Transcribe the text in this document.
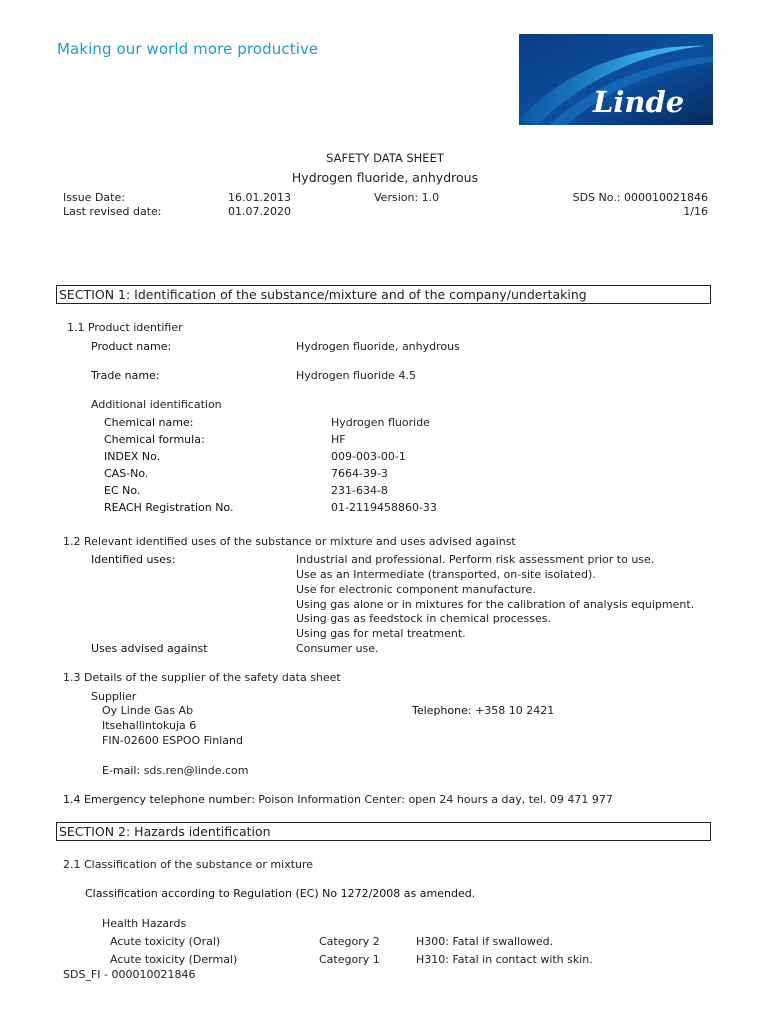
Making our world more productive
Linde
SAFETY DATA SHEET
Hydrogen fluoride, anhydrous
Issue Date:	16.01.2013	Version: 1.0	SDS No.: 000010021846
Last revised date:	01.07.2020	1/16
SECTION 1: Identification of the substance/mixture and of the company/undertaking
1.1 Product identifier
Product name:	Hydrogen fluoride, anhydrous
Trade name:	Hydrogen fluoride 4.5
Additional identification
Chemical name:	Hydrogen fluoride
Chemical formula:	HF
INDEX No.	009-003-00-1
CAS-No.	7664-39-3
EC No.	231-634-8
REACH Registration No.	01-2119458860-33
1.2 Relevant identified uses of the substance or mixture and uses advised against
Identified uses:	Industrial and professional. Perform risk assessment prior to use.
Use as an Intermediate (transported, on-site isolated).
Use for electronic component manufacture.
Using gas alone or in mixtures for the calibration of analysis equipment.
Using gas as feedstock in chemical processes.
Using gas for metal treatment.
Uses advised against	Consumer use.
1.3 Details of the supplier of the safety data sheet
Supplier
Oy Linde Gas Ab
Itsehallintokuja 6
FIN-02600 ESPOO Finland
Telephone: +358 10 2421
E-mail: sds.ren@linde.com
1.4 Emergency telephone number: Poison Information Center: open 24 hours a day, tel. 09 471 977
SECTION 2: Hazards identification
2.1 Classification of the substance or mixture
Classification according to Regulation (EC) No 1272/2008 as amended.
Health Hazards
Acute toxicity (Oral)	Category 2	H300: Fatal if swallowed.
Acute toxicity (Dermal)	Category 1	H310: Fatal in contact with skin.
SDS_FI - 000010021846
